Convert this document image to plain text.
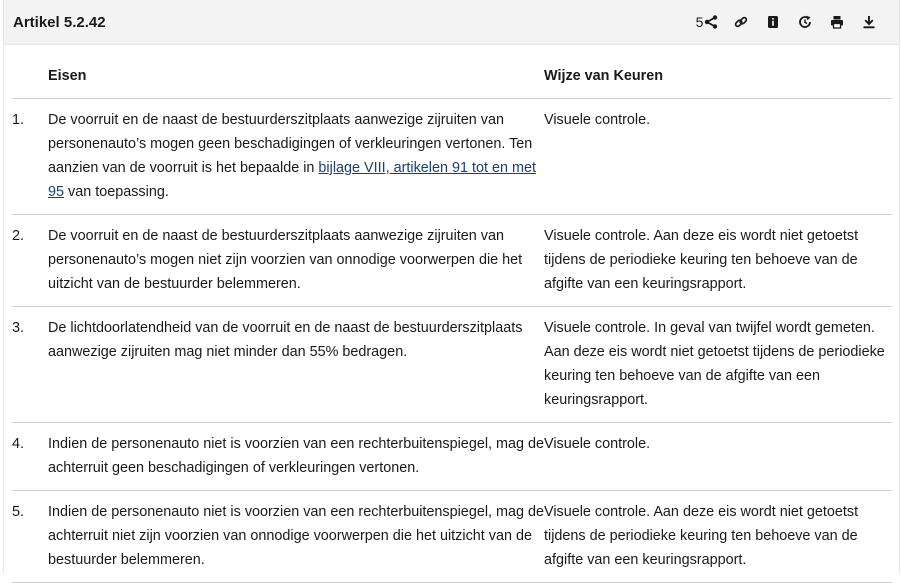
Artikel 5.2.42	5
	Eisen	Wijze van Keuren
1.	De voorruit en de naast de bestuurderszitplaats aanwezige zijruiten van personenauto’s mogen geen beschadigingen of verkleuringen vertonen. Ten aanzien van de voorruit is het bepaalde in bijlage VIII, artikelen 91 tot en met 95 van toepassing.	Visuele controle.
2.	De voorruit en de naast de bestuurderszitplaats aanwezige zijruiten van personenauto’s mogen niet zijn voorzien van onnodige voorwerpen die het uitzicht van de bestuurder belemmeren.	Visuele controle. Aan deze eis wordt niet getoetst tijdens de periodieke keuring ten behoeve van de afgifte van een keuringsrapport.
3.	De lichtdoorlatendheid van de voorruit en de naast de bestuurderszitplaats aanwezige zijruiten mag niet minder dan 55% bedragen.	Visuele controle. In geval van twijfel wordt gemeten. Aan deze eis wordt niet getoetst tijdens de periodieke keuring ten behoeve van de afgifte van een keuringsrapport.
4.	Indien de personenauto niet is voorzien van een rechterbuitenspiegel, mag de achterruit geen beschadigingen of verkleuringen vertonen.	Visuele controle.
5.	Indien de personenauto niet is voorzien van een rechterbuitenspiegel, mag de achterruit niet zijn voorzien van onnodige voorwerpen die het uitzicht van de bestuurder belemmeren.	Visuele controle. Aan deze eis wordt niet getoetst tijdens de periodieke keuring ten behoeve van de afgifte van een keuringsrapport.
